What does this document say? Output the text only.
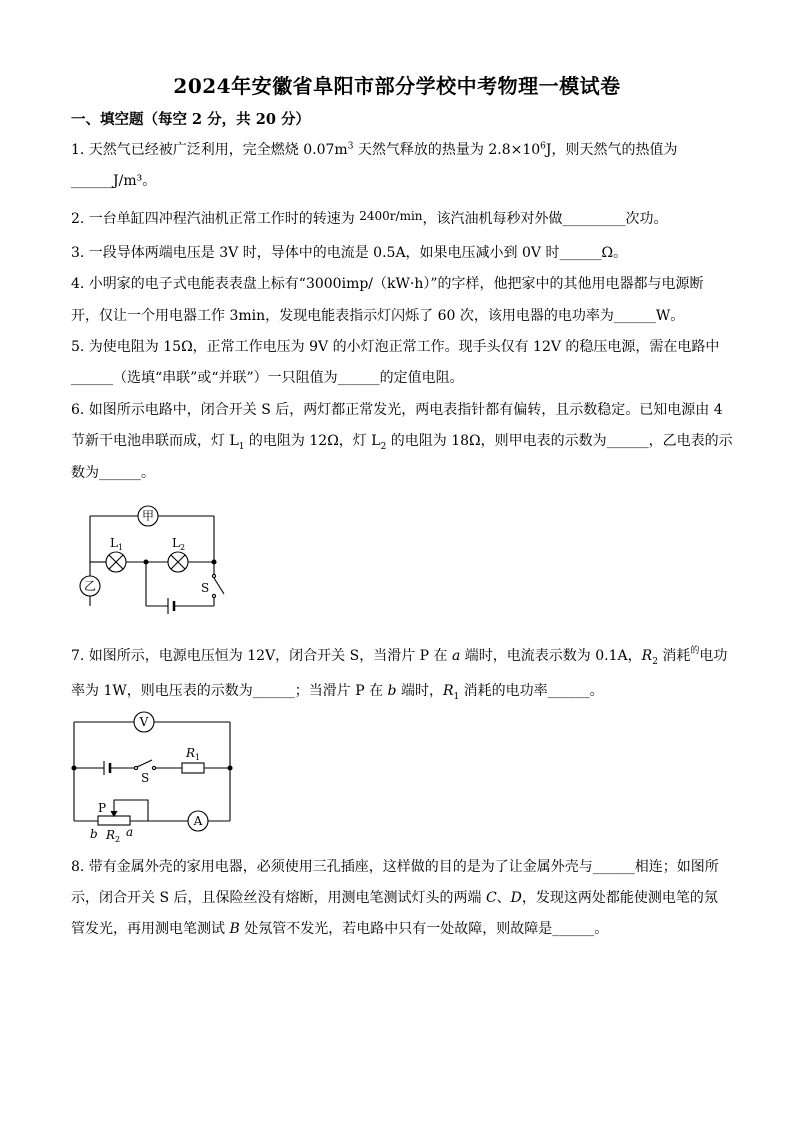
2024年安徽省阜阳市部分学校中考物理一模试卷
一、填空题（每空 2 分，共 20 分）
1. 天然气已经被广泛利用，完全燃烧 $0.07m^3$ 天然气释放的热量为 $2.8\times 10^6J$，则天然气的热值为
______J/m³。
2. 一台单缸四冲程汽油机正常工作时的转速为 2400r/min，该汽油机每秒对外做_________次功。
3. 一段导体两端电压是 3V 时，导体中的电流是 0.5A，如果电压减小到 0V 时______Ω。
4. 小明家的电子式电能表表盘上标有“3000imp/（kW·h）”的字样，他把家中的其他用电器都与电源断
开，仅让一个用电器工作 3min，发现电能表指示灯闪烁了 60 次，该用电器的电功率为______W。
5. 为使电阻为 15Ω，正常工作电压为 9V 的小灯泡正常工作。现手头仅有 12V 的稳压电源，需在电路中
______（选填“串联”或“并联”）一只阻值为______的定值电阻。
6. 如图所示电路中，闭合开关 S 后，两灯都正常发光，两电表指针都有偏转，且示数稳定。已知电源由 4
节新干电池串联而成，灯 $L_1$ 的电阻为 12Ω，灯 $L_2$ 的电阻为 18Ω，则甲电表的示数为______，乙电表的示
数为______。
甲
乙
$L_1$	$L_2$
S
7. 如图所示，电源电压恒为 12V，闭合开关 S，当滑片 P 在 a 端时，电流表示数为 0.1A，$R_2$ 消耗$^的$电功
率为 1W，则电压表的示数为______；当滑片 P 在 b 端时，$R_1$ 消耗的电功率______。
V
S
$R_1$
A
P
b $R_2$
a
8. 带有金属外壳的家用电器，必须使用三孔插座，这样做的目的是为了让金属外壳与______相连；如图所
示，闭合开关 S 后，且保险丝没有熔断，用测电笔测试灯头的两端 C、D，发现这两处都能使测电笔的氖
管发光，再用测电笔测试 B 处氖管不发光，若电路中只有一处故障，则故障是______。
